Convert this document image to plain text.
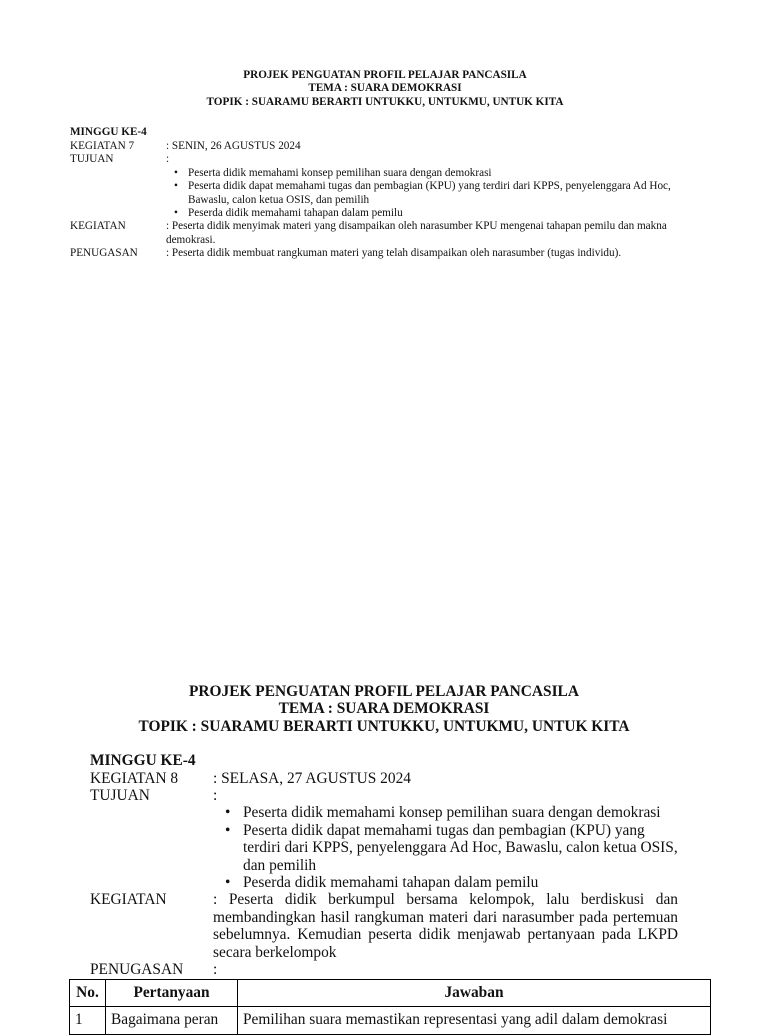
PROJEK PENGUATAN PROFIL PELAJAR PANCASILA
TEMA : SUARA DEMOKRASI
TOPIK : SUARAMU BERARTI UNTUKKU, UNTUKMU, UNTUK KITA
MINGGU KE-4
KEGIATAN 7	: SENIN, 26 AGUSTUS 2024
TUJUAN	:
• Peserta didik memahami konsep pemilihan suara dengan demokrasi
• Peserta didik dapat memahami tugas dan pembagian (KPU) yang terdiri dari KPPS, penyelenggara Ad Hoc, Bawaslu, calon ketua OSIS, dan pemilih
• Peserda didik memahami tahapan dalam pemilu
KEGIATAN	: Peserta didik menyimak materi yang disampaikan oleh narasumber KPU mengenai tahapan pemilu dan makna demokrasi.
PENUGASAN	: Peserta didik membuat rangkuman materi yang telah disampaikan oleh narasumber (tugas individu).
PROJEK PENGUATAN PROFIL PELAJAR PANCASILA
TEMA : SUARA DEMOKRASI
TOPIK : SUARAMU BERARTI UNTUKKU, UNTUKMU, UNTUK KITA
MINGGU KE-4
KEGIATAN 8	: SELASA, 27 AGUSTUS 2024
TUJUAN	:
• Peserta didik memahami konsep pemilihan suara dengan demokrasi
• Peserta didik dapat memahami tugas dan pembagian (KPU) yang terdiri dari KPPS, penyelenggara Ad Hoc, Bawaslu, calon ketua OSIS, dan pemilih
• Peserda didik memahami tahapan dalam pemilu
KEGIATAN	: Peserta didik berkumpul bersama kelompok, lalu berdiskusi dan membandingkan hasil rangkuman materi dari narasumber pada pertemuan sebelumnya. Kemudian peserta didik menjawab pertanyaan pada LKPD secara berkelompok
PENUGASAN	:
No.	Pertanyaan	Jawaban
1	Bagaimana peran	Pemilihan suara memastikan representasi yang adil dalam demokrasi
